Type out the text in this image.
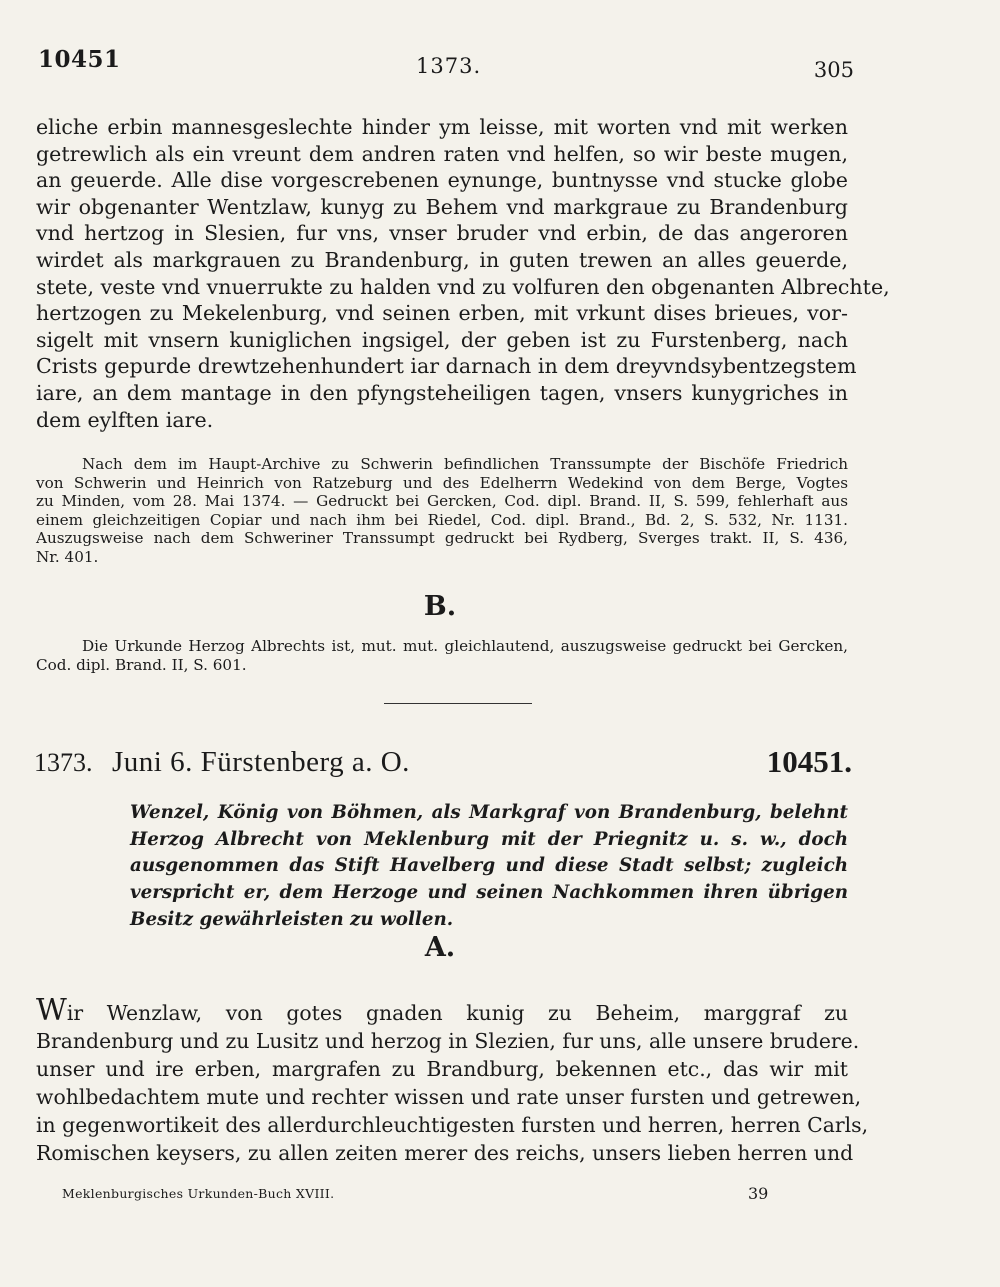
10451	1373.	305
eliche erbin mannesgeslechte hinder ym leisse, mit worten vnd mit werken
getrewlich als ein vreunt dem andren raten vnd helfen, so wir beste mugen,
an geuerde. Alle dise vorgescrebenen eynunge, buntnysse vnd stucke globe
wir obgenanter Wentzlaw, kunyg zu Behem vnd markgraue zu Brandenburg
vnd hertzog in Slesien, fur vns, vnser bruder vnd erbin, de das angeroren
wirdet als markgrauen zu Brandenburg, in guten trewen an alles geuerde,
stete, veste vnd vnuerrukte zu halden vnd zu volfuren den obgenanten Albrechte,
hertzogen zu Mekelenburg, vnd seinen erben, mit vrkunt dises brieues, vor-
sigelt mit vnsern kuniglichen ingsigel, der geben ist zu Furstenberg, nach
Crists gepurde drewtzehenhundert iar darnach in dem dreyvndsybentzegstem
iare, an dem mantage in den pfyngsteheiligen tagen, vnsers kunygriches in
dem eylften iare.
Nach dem im Haupt-Archive zu Schwerin befindlichen Transsumpte der Bischöfe Friedrich
von Schwerin und Heinrich von Ratzeburg und des Edelherrn Wedekind von dem Berge, Vogtes
zu Minden, vom 28. Mai 1374. — Gedruckt bei Gercken, Cod. dipl. Brand. II, S. 599, fehlerhaft aus
einem gleichzeitigen Copiar und nach ihm bei Riedel, Cod. dipl. Brand., Bd. 2, S. 532, Nr. 1131.
Auszugsweise nach dem Schweriner Transsumpt gedruckt bei Rydberg, Sverges trakt. II, S. 436,
Nr. 401.
B.
Die Urkunde Herzog Albrechts ist, mut. mut. gleichlautend, auszugsweise gedruckt bei Gercken,
Cod. dipl. Brand. II, S. 601.
1373. Juni 6. Fürstenberg a. O.	10451.
Wenzel, König von Böhmen, als Markgraf von Brandenburg, belehnt
Herzog Albrecht von Meklenburg mit der Priegnitz u. s. w., doch
ausgenommen das Stift Havelberg und diese Stadt selbst; zugleich
verspricht er, dem Herzoge und seinen Nachkommen ihren übrigen
Besitz gewährleisten zu wollen.
A.
Wir Wenzlaw, von gotes gnaden kunig zu Beheim, marggraf zu
Brandenburg und zu Lusitz und herzog in Slezien, fur uns, alle unsere brudere.
unser und ire erben, margrafen zu Brandburg, bekennen etc., das wir mit
wohlbedachtem mute und rechter wissen und rate unser fursten und getrewen,
in gegenwortikeit des allerdurchleuchtigesten fursten und herren, herren Carls,
Romischen keysers, zu allen zeiten merer des reichs, unsers lieben herren und
Meklenburgisches Urkunden-Buch XVIII.	39
